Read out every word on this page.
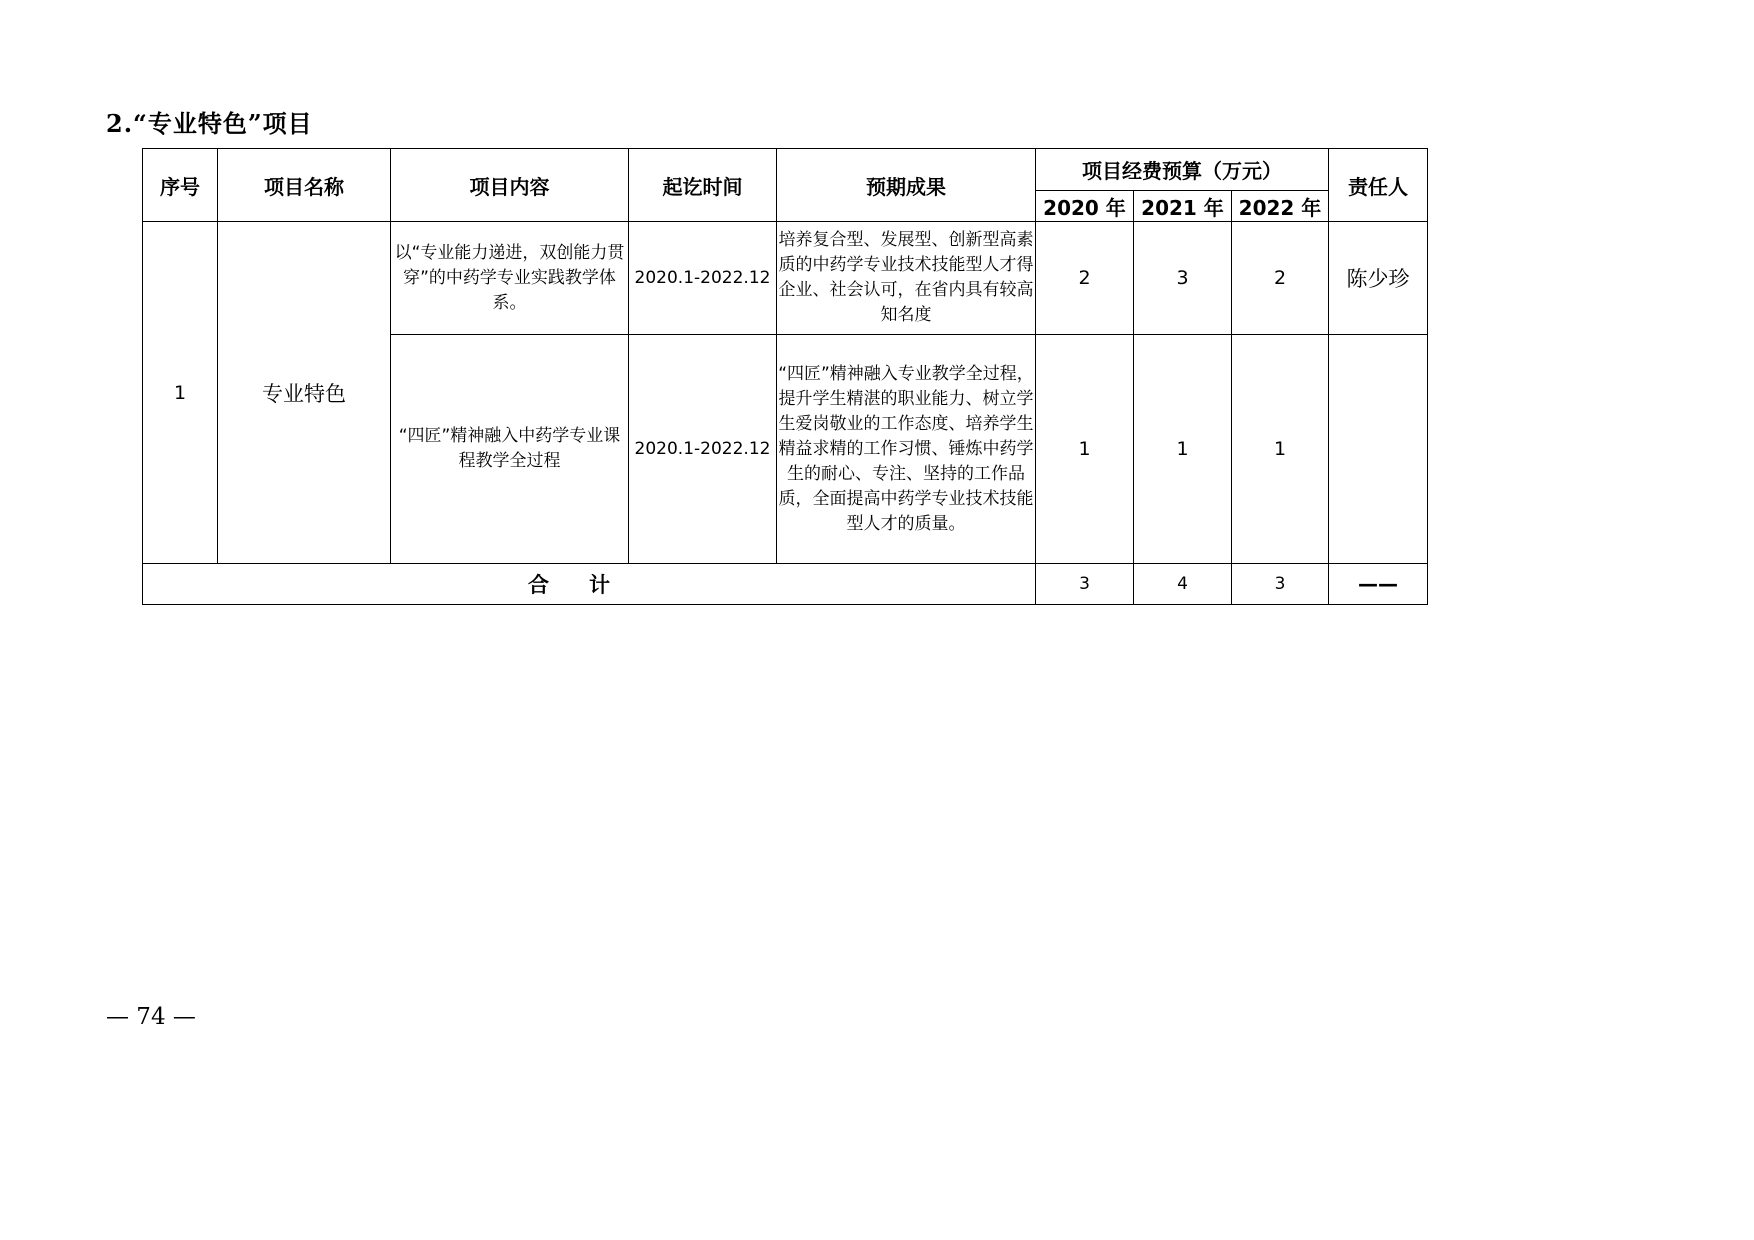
2.“专业特色”项目
序号	项目名称	项目内容	起讫时间	预期成果	项目经费预算（万元）			责任人
					2020 年	2021 年	2022 年	
1	专业特色	以“专业能力递进，双创能力贯穿”的中药学专业实践教学体系。	2020.1-2022.12	培养复合型、发展型、创新型高素质的中药学专业技术技能型人才得企业、社会认可，在省内具有较高知名度	2	3	2	陈少珍
		“四匠”精神融入中药学专业课程教学全过程	2020.1-2022.12	“四匠”精神融入专业教学全过程，提升学生精湛的职业能力、树立学生爱岗敬业的工作态度、培养学生精益求精的工作习惯、锤炼中药学生的耐心、专注、坚持的工作品质，全面提高中药学专业技术技能型人才的质量。	1	1	1	
合计					3	4	3	——
— 74 —
